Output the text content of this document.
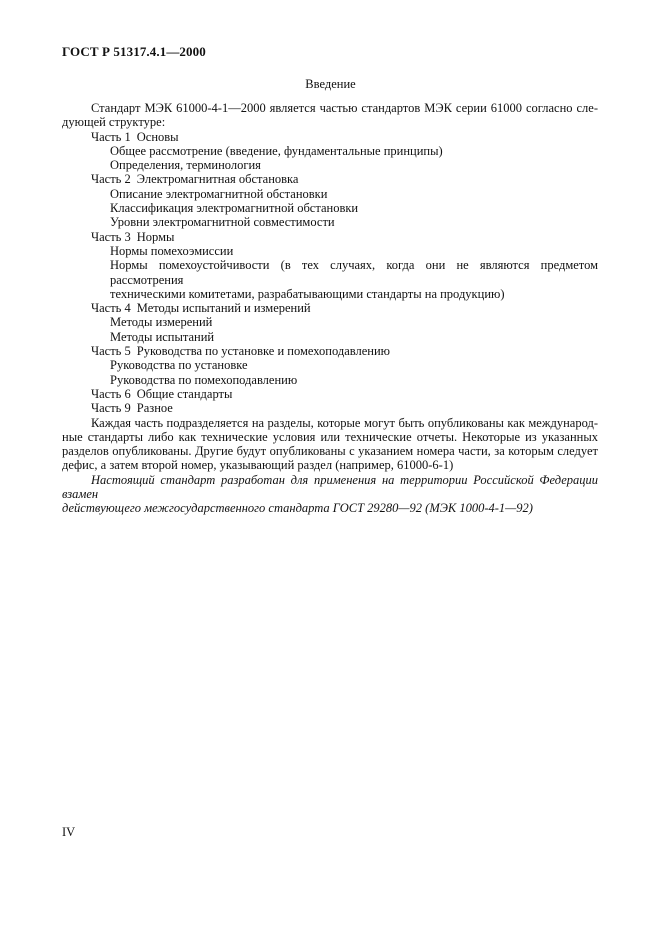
ГОСТ Р 51317.4.1—2000
Введение

Стандарт МЭК 61000-4-1—2000 является частью стандартов МЭК серии 61000 согласно сле-

дующей структуре:

Часть 1 Основы

Общее рассмотрение (введение, фундаментальные принципы)

Определения, терминология

Часть 2 Электромагнитная обстановка

Описание электромагнитной обстановки

Классификация электромагнитной обстановки

Уровни электромагнитной совместимости

Часть 3 Нормы

Нормы помехоэмиссии

Нормы помехоустойчивости (в тех случаях, когда они не являются предметом рассмотрения

техническими комитетами, разрабатывающими стандарты на продукцию)

Часть 4 Методы испытаний и измерений

Методы измерений

Методы испытаний

Часть 5 Руководства по установке и помехоподавлению

Руководства по установке

Руководства по помехоподавлению

Часть 6 Общие стандарты

Часть 9 Разное

Каждая часть подразделяется на разделы, которые могут быть опубликованы как международ-

ные стандарты либо как технические условия или технические отчеты. Некоторые из указанных

разделов опубликованы. Другие будут опубликованы с указанием номера части, за которым следует

дефис, а затем второй номер, указывающий раздел (например, 61000-6-1)

Настоящий стандарт разработан для применения на территории Российской Федерации взамен

действующего межгосударственного стандарта ГОСТ 29280—92 (МЭК 1000-4-1—92)

IV
